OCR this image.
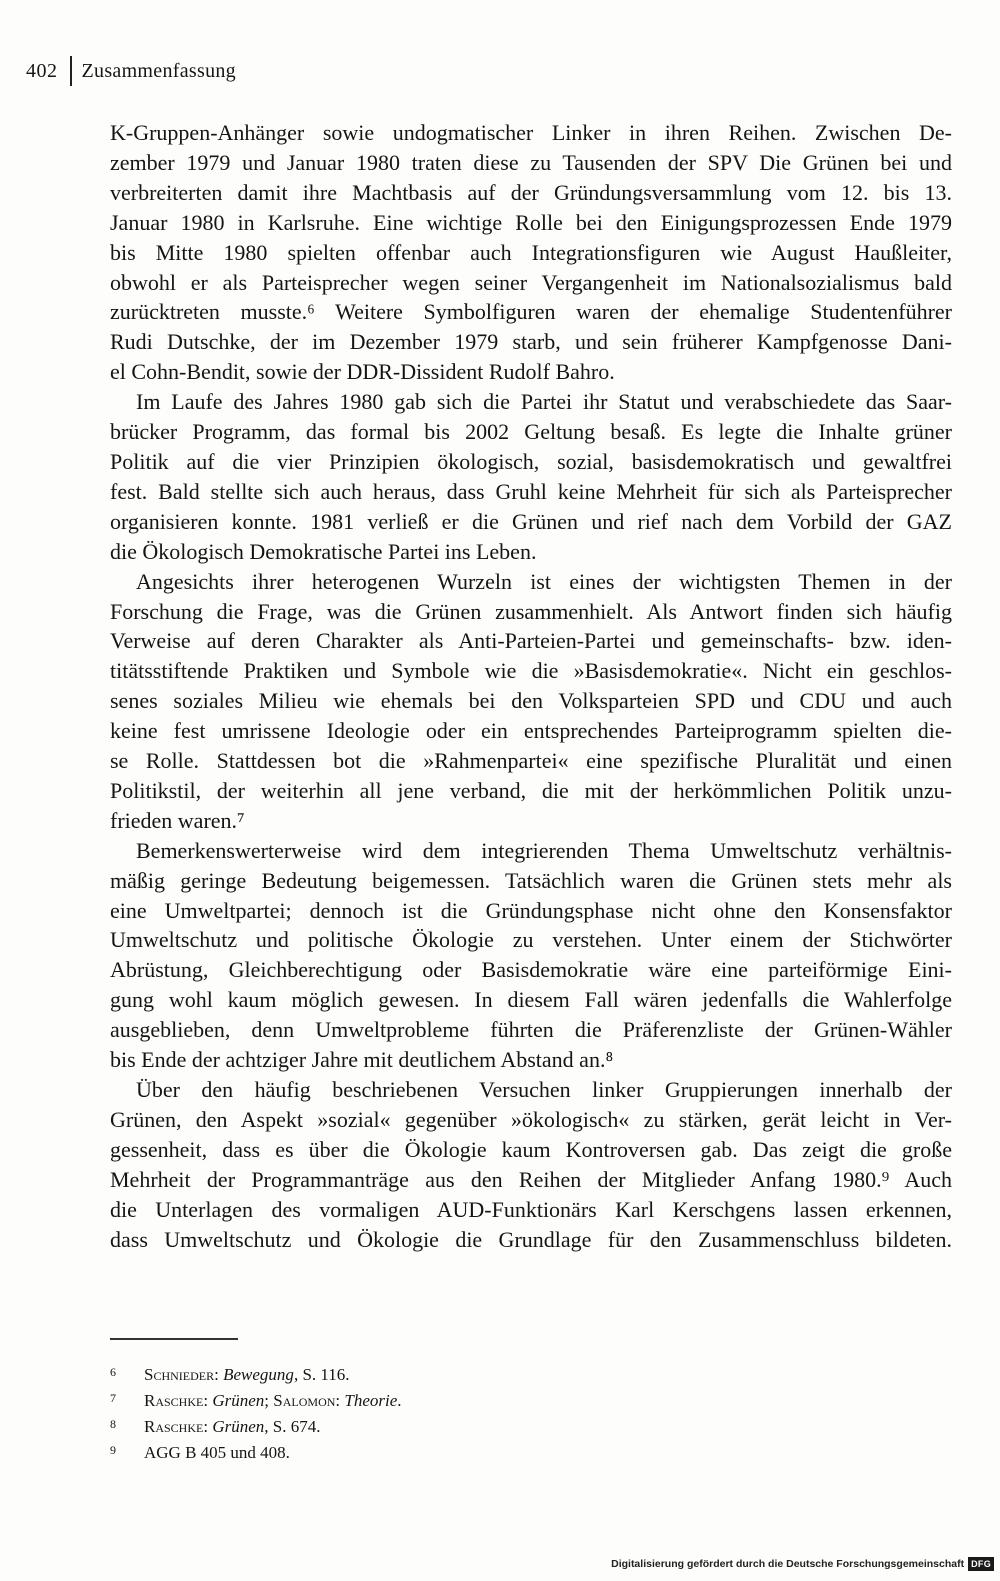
402 Zusammenfassung

K-Gruppen-Anhänger sowie undogmatischer Linker in ihren Reihen. Zwischen De-
zember 1979 und Januar 1980 traten diese zu Tausenden der SPV Die Grünen bei und
verbreiterten damit ihre Machtbasis auf der Gründungsversammlung vom 12. bis 13.
Januar 1980 in Karlsruhe. Eine wichtige Rolle bei den Einigungsprozessen Ende 1979
bis Mitte 1980 spielten offenbar auch Integrationsfiguren wie August Haußleiter,
obwohl er als Parteisprecher wegen seiner Vergangenheit im Nationalsozialismus bald
zurücktreten musste.⁶ Weitere Symbolfiguren waren der ehemalige Studentenführer
Rudi Dutschke, der im Dezember 1979 starb, und sein früherer Kampfgenosse Dani-
el Cohn-Bendit, sowie der DDR-Dissident Rudolf Bahro.

Im Laufe des Jahres 1980 gab sich die Partei ihr Statut und verabschiedete das Saar-
brücker Programm, das formal bis 2002 Geltung besaß. Es legte die Inhalte grüner
Politik auf die vier Prinzipien ökologisch, sozial, basisdemokratisch und gewaltfrei
fest. Bald stellte sich auch heraus, dass Gruhl keine Mehrheit für sich als Parteisprecher
organisieren konnte. 1981 verließ er die Grünen und rief nach dem Vorbild der GAZ
die Ökologisch Demokratische Partei ins Leben.

Angesichts ihrer heterogenen Wurzeln ist eines der wichtigsten Themen in der
Forschung die Frage, was die Grünen zusammenhielt. Als Antwort finden sich häufig
Verweise auf deren Charakter als Anti-Parteien-Partei und gemeinschafts- bzw. iden-
titätsstiftende Praktiken und Symbole wie die »Basisdemokratie«. Nicht ein geschlos-
senes soziales Milieu wie ehemals bei den Volksparteien SPD und CDU und auch
keine fest umrissene Ideologie oder ein entsprechendes Parteiprogramm spielten die-
se Rolle. Stattdessen bot die »Rahmenpartei« eine spezifische Pluralität und einen
Politikstil, der weiterhin all jene verband, die mit der herkömmlichen Politik unzu-
frieden waren.⁷

Bemerkenswerterweise wird dem integrierenden Thema Umweltschutz verhältnis-
mäßig geringe Bedeutung beigemessen. Tatsächlich waren die Grünen stets mehr als
eine Umweltpartei; dennoch ist die Gründungsphase nicht ohne den Konsensfaktor
Umweltschutz und politische Ökologie zu verstehen. Unter einem der Stichwörter
Abrüstung, Gleichberechtigung oder Basisdemokratie wäre eine parteiförmige Eini-
gung wohl kaum möglich gewesen. In diesem Fall wären jedenfalls die Wahlerfolge
ausgeblieben, denn Umweltprobleme führten die Präferenzliste der Grünen-Wähler
bis Ende der achtziger Jahre mit deutlichem Abstand an.⁸

Über den häufig beschriebenen Versuchen linker Gruppierungen innerhalb der
Grünen, den Aspekt »sozial« gegenüber »ökologisch« zu stärken, gerät leicht in Ver-
gessenheit, dass es über die Ökologie kaum Kontroversen gab. Das zeigt die große
Mehrheit der Programmanträge aus den Reihen der Mitglieder Anfang 1980.⁹ Auch
die Unterlagen des vormaligen AUD-Funktionärs Karl Kerschgens lassen erkennen,
dass Umweltschutz und Ökologie die Grundlage für den Zusammenschluss bildeten.

6	Schnieder: Bewegung, S. 116.
7	Raschke: Grünen; Salomon: Theorie.
8	Raschke: Grünen, S. 674.
9	AGG B 405 und 408.
Digitalisierung gefördert durch die Deutsche Forschungsgemeinschaft DFG
